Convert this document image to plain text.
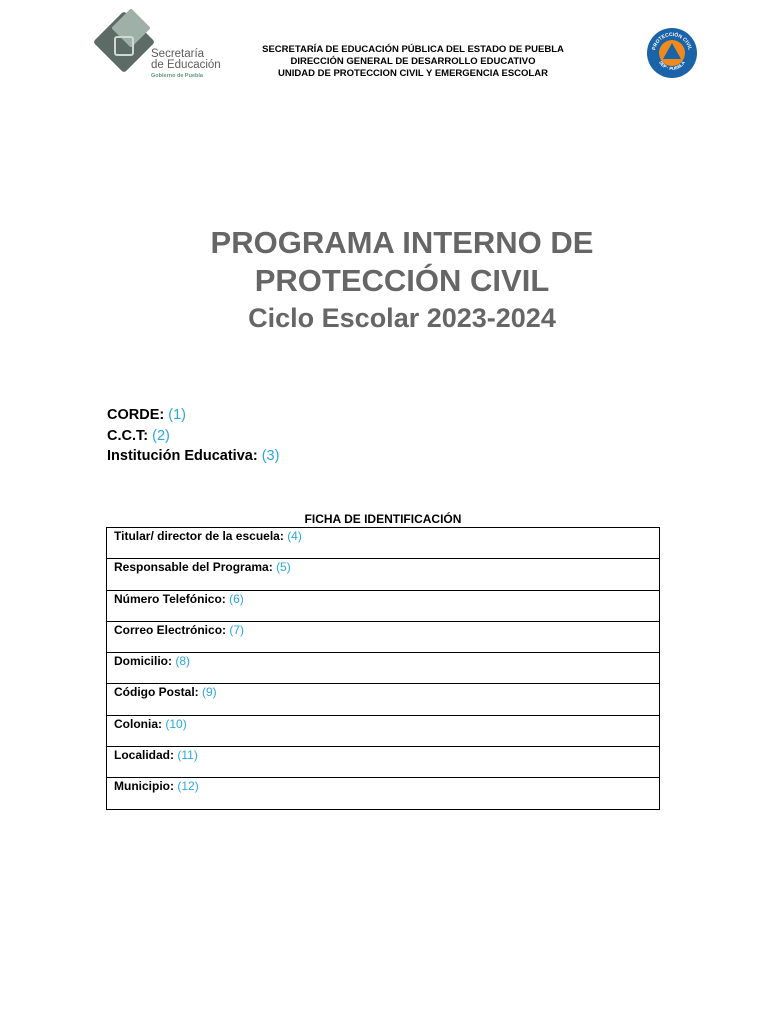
Secretaría
de Educación
Gobierno de Puebla
SECRETARÍA DE EDUCACIÓN PÚBLICA DEL ESTADO DE PUEBLA
DIRECCIÓN GENERAL DE DESARROLLO EDUCATIVO
UNIDAD DE PROTECCION CIVIL Y EMERGENCIA ESCOLAR
PROTECCIÓN CIVIL
SEP · PUEBLA
PROGRAMA INTERNO DE
PROTECCIÓN CIVIL
Ciclo Escolar 2023-2024
CORDE: (1)
C.C.T: (2)
Institución Educativa: (3)
FICHA DE IDENTIFICACIÓN
Titular/ director de la escuela: (4)
Responsable del Programa: (5)
Número Telefónico: (6)
Correo Electrónico: (7)
Domicilio: (8)
Código Postal: (9)
Colonia: (10)
Localidad: (11)
Municipio: (12)
